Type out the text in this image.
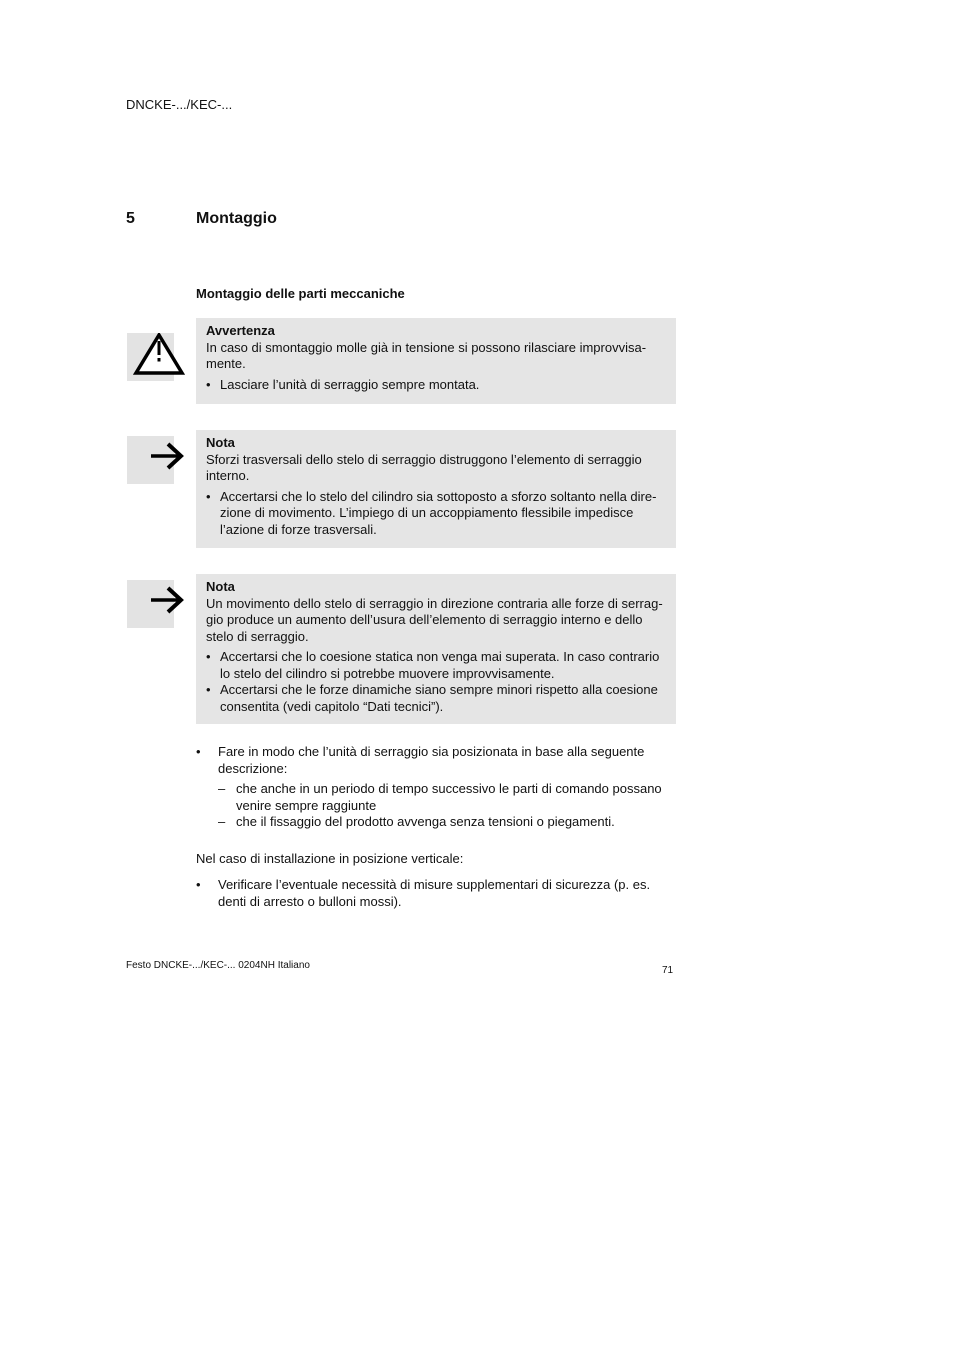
DNCKE-.../KEC-...
5	Montaggio
Montaggio delle parti meccaniche
Avvertenza
In caso di smontaggio molle già in tensione si possono rilasciare improvvisa-mente.
• Lasciare l’unità di serraggio sempre montata.
Nota
Sforzi trasversali dello stelo di serraggio distruggono l’elemento di serraggio interno.
• Accertarsi che lo stelo del cilindro sia sottoposto a sforzo soltanto nella dire-zione di movimento. L’impiego di un accoppiamento flessibile impedisce l’azione di forze trasversali.
Nota
Un movimento dello stelo di serraggio in direzione contraria alle forze di serrag-gio produce un aumento dell’usura dell’elemento di serraggio interno e dello stelo di serraggio.
• Accertarsi che lo coesione statica non venga mai superata. In caso contrario lo stelo del cilindro si potrebbe muovere improvvisamente.
• Accertarsi che le forze dinamiche siano sempre minori rispetto alla coesione consentita (vedi capitolo “Dati tecnici”).
• Fare in modo che l’unità di serraggio sia posizionata in base alla seguente descrizione:
– che anche in un periodo di tempo successivo le parti di comando possano venire sempre raggiunte
– che il fissaggio del prodotto avvenga senza tensioni o piegamenti.
Nel caso di installazione in posizione verticale:
• Verificare l’eventuale necessità di misure supplementari di sicurezza (p. es. denti di arresto o bulloni mossi).
Festo DNCKE-.../KEC-... 0204NH Italiano	71
